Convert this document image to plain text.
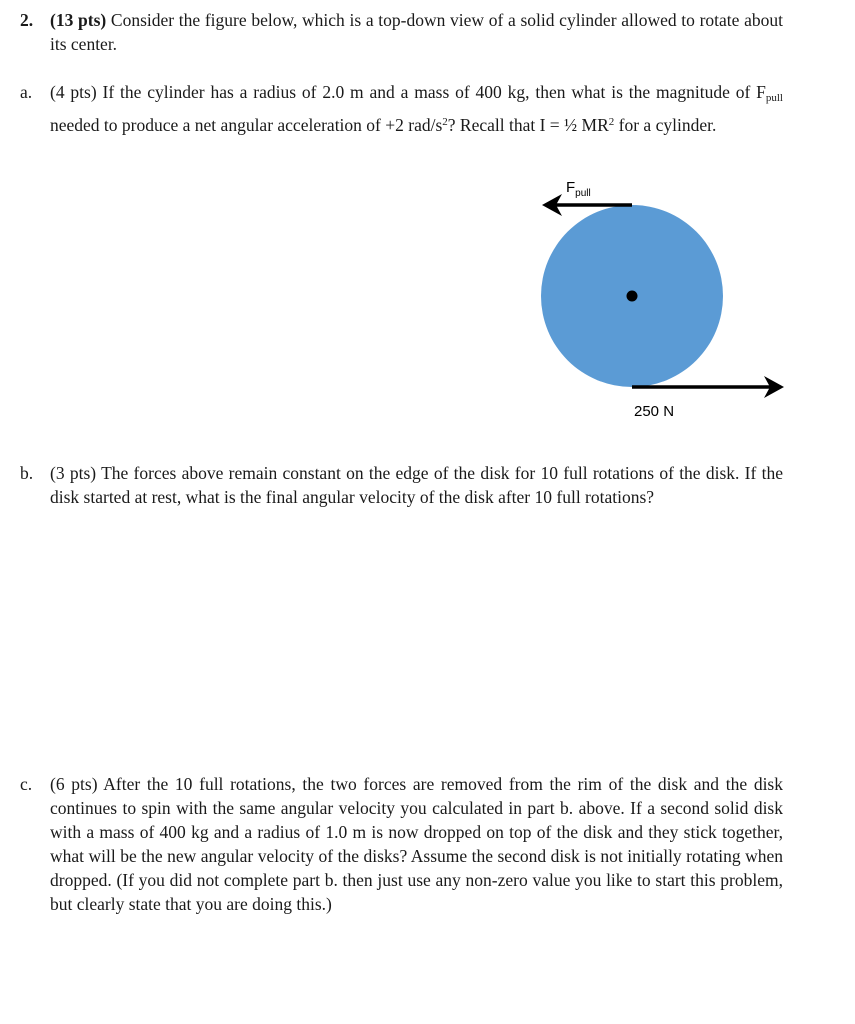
2. (13 pts) Consider the figure below, which is a top-down view of a solid cylinder allowed to rotate about its center.
a. (4 pts) If the cylinder has a radius of 2.0 m and a mass of 400 kg, then what is the magnitude of $F_{pull}$ needed to produce a net angular acceleration of +2 rad/$s^2$? Recall that I = ½ $MR^2$ for a cylinder.
$F_{pull}$
250 N
b. (3 pts) The forces above remain constant on the edge of the disk for 10 full rotations of the disk. If the disk started at rest, what is the final angular velocity of the disk after 10 full rotations?
c. (6 pts) After the 10 full rotations, the two forces are removed from the rim of the disk and the disk continues to spin with the same angular velocity you calculated in part b. above. If a second solid disk with a mass of 400 kg and a radius of 1.0 m is now dropped on top of the disk and they stick together, what will be the new angular velocity of the disks? Assume the second disk is not initially rotating when dropped. (If you did not complete part b. then just use any non-zero value you like to start this problem, but clearly state that you are doing this.)
